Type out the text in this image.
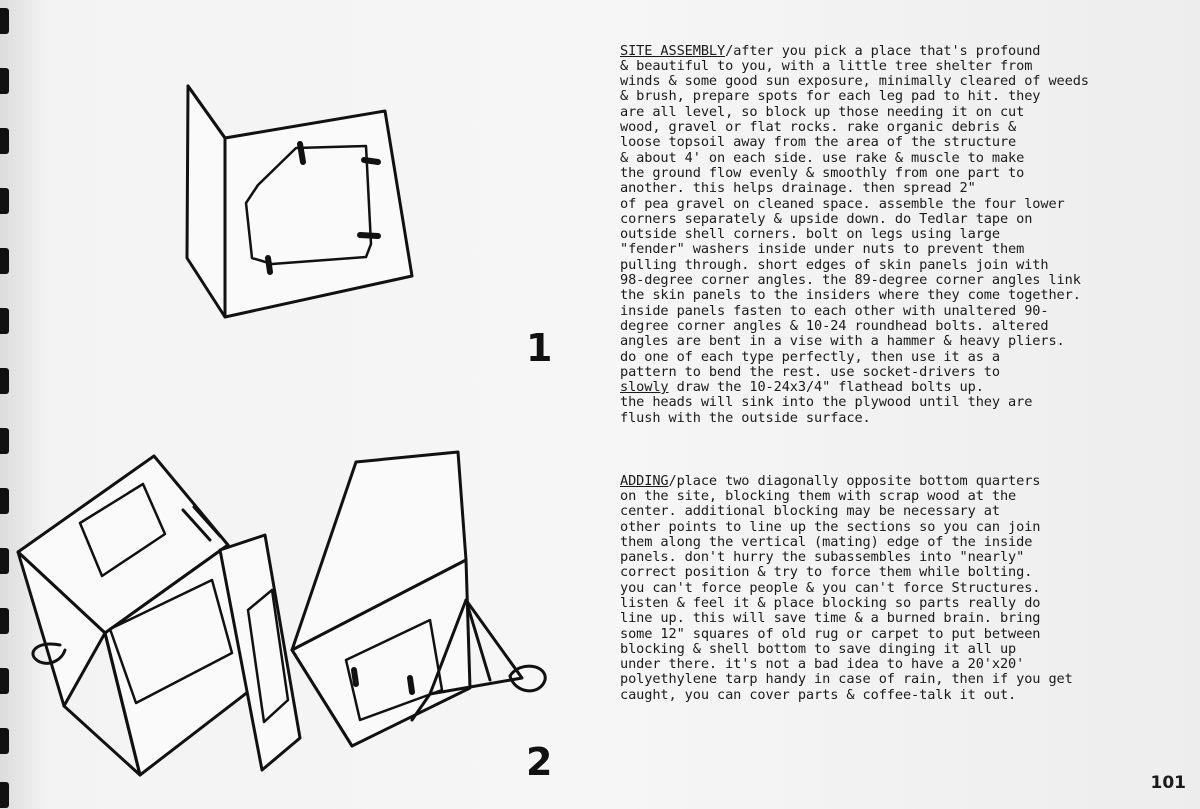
1
2

SITE ASSEMBLY/after you pick a place that's profound
& beautiful to you, with a little tree shelter from
winds & some good sun exposure, minimally cleared of weeds
& brush, prepare spots for each leg pad to hit. they
are all level, so block up those needing it on cut
wood, gravel or flat rocks. rake organic debris &
loose topsoil away from the area of the structure
& about 4' on each side. use rake & muscle to make
the ground flow evenly & smoothly from one part to
another. this helps drainage. then spread 2"
of pea gravel on cleaned space. assemble the four lower
corners separately & upside down. do Tedlar tape on
outside shell corners. bolt on legs using large
"fender" washers inside under nuts to prevent them
pulling through. short edges of skin panels join with
98-degree corner angles. the 89-degree corner angles link
the skin panels to the insiders where they come together.
inside panels fasten to each other with unaltered 90-
degree corner angles & 10-24 roundhead bolts. altered
angles are bent in a vise with a hammer & heavy pliers.
do one of each type perfectly, then use it as a
pattern to bend the rest. use socket-drivers to
slowly draw the 10-24x3/4" flathead bolts up.
the heads will sink into the plywood until they are
flush with the outside surface.

ADDING/place two diagonally opposite bottom quarters
on the site, blocking them with scrap wood at the
center. additional blocking may be necessary at
other points to line up the sections so you can join
them along the vertical (mating) edge of the inside
panels. don't hurry the subassembles into "nearly"
correct position & try to force them while bolting.
you can't force people & you can't force Structures.
listen & feel it & place blocking so parts really do
line up. this will save time & a burned brain. bring
some 12" squares of old rug or carpet to put between
blocking & shell bottom to save dinging it all up
under there. it's not a bad idea to have a 20'x20'
polyethylene tarp handy in case of rain, then if you get
caught, you can cover parts & coffee-talk it out.

101
